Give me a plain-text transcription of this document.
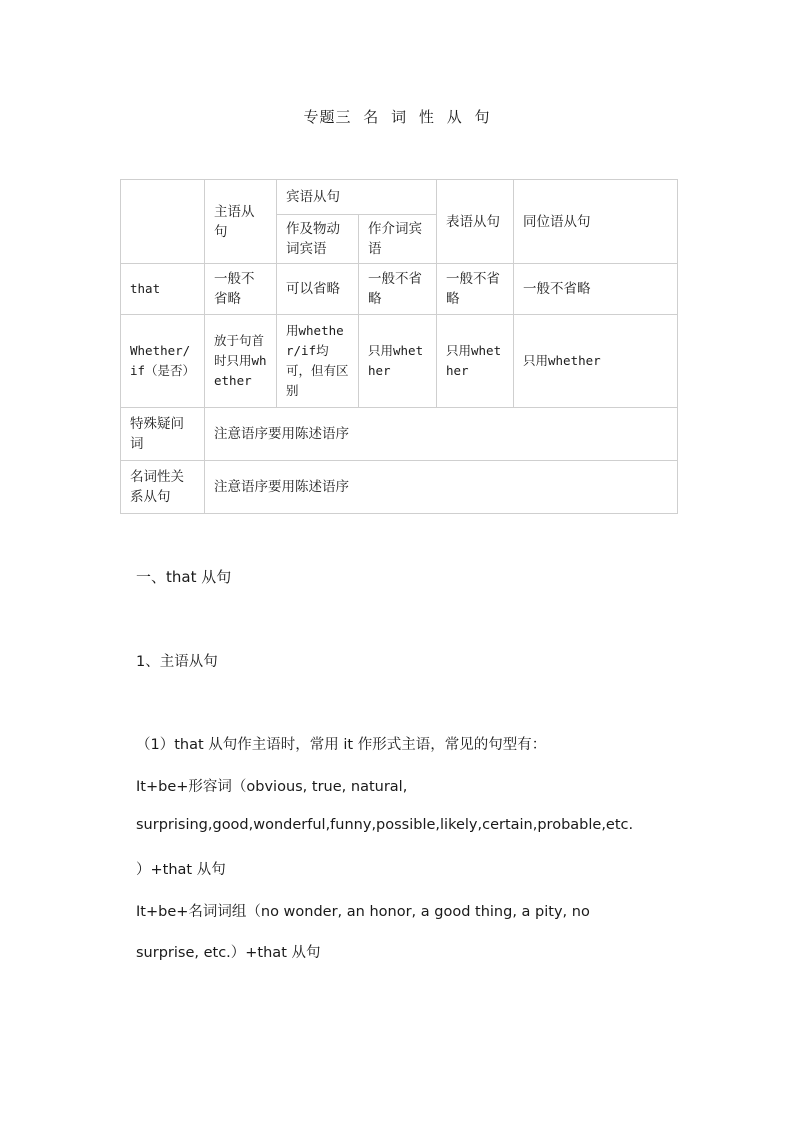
专题三 名 词 性 从 句
	主语从句	宾语从句		表语从句	同位语从句
		作及物动词宾语	作介词宾语		
that	一般不省略	可以省略	一般不省略	一般不省略	一般不省略
Whether/if（是否）	放于句首时只用whether	用whether/if均可，但有区别	只用whether	只用whether	只用whether
特殊疑问词	注意语序要用陈述语序				
名词性关系从句	注意语序要用陈述语序				
一、that 从句
1、主语从句
（1）that 从句作主语时，常用 it 作形式主语，常见的句型有：
It+be+形容词（obvious, true, natural,
surprising,good,wonderful,funny,possible,likely,certain,probable,etc.
）+that 从句
It+be+名词词组（no wonder, an honor, a good thing, a pity, no
surprise, etc.）+that 从句
